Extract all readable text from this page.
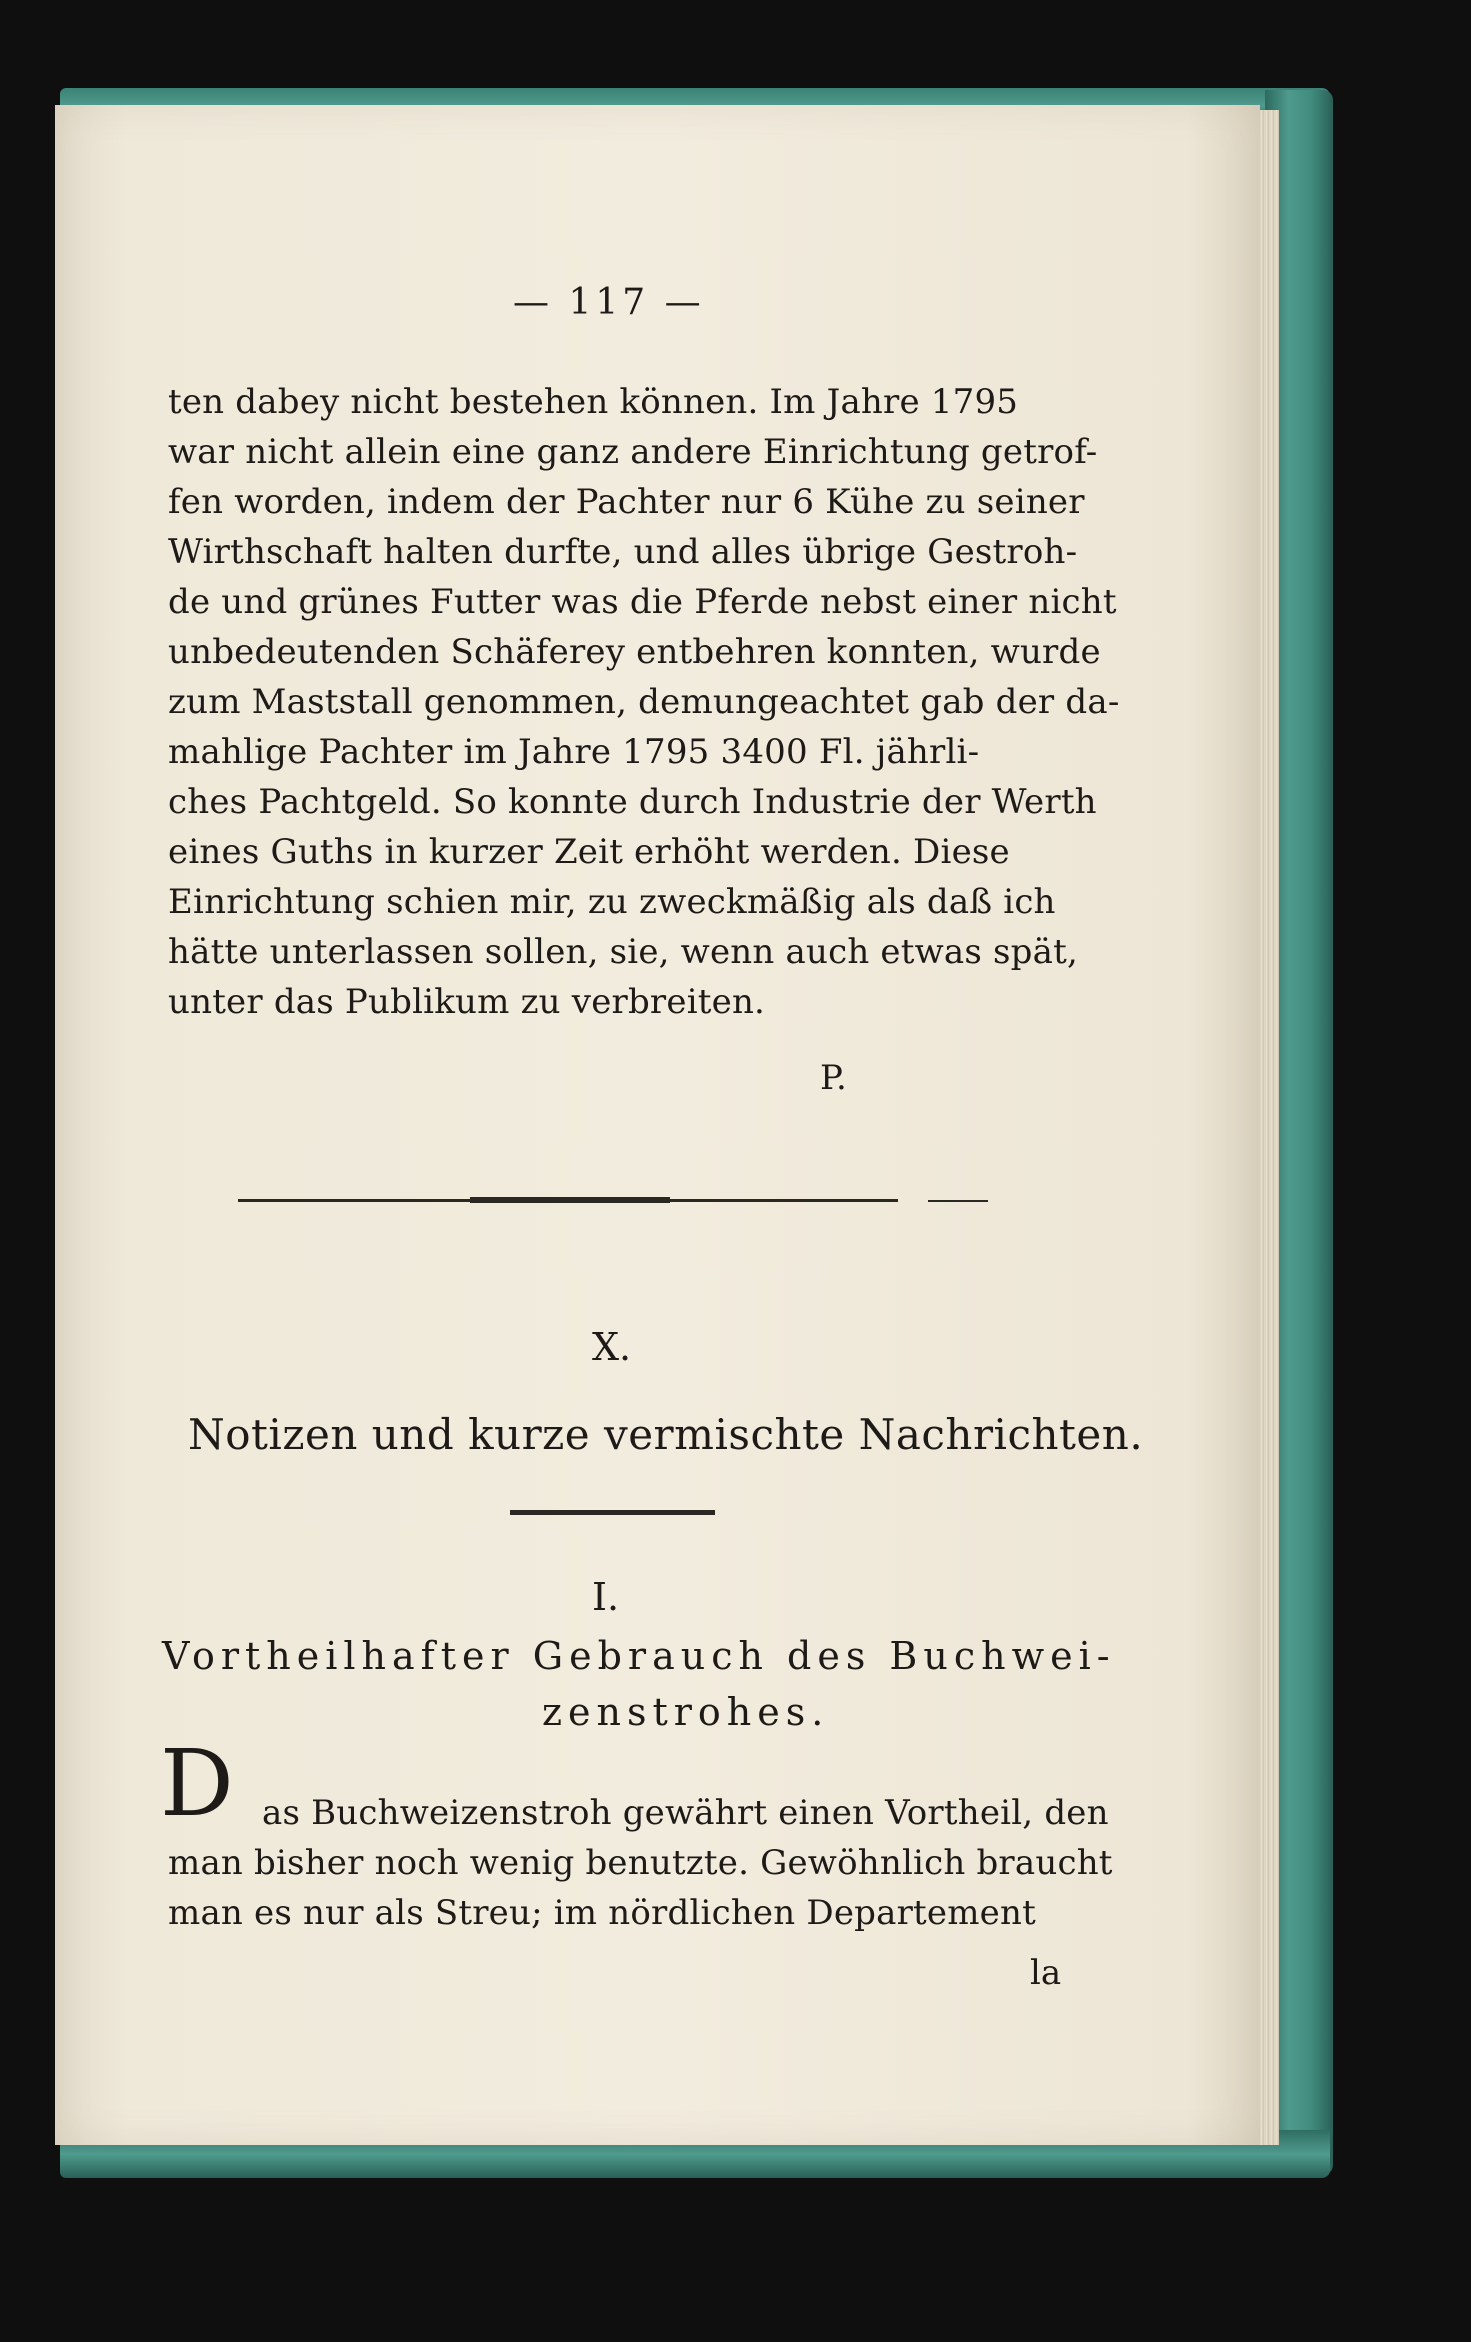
— 117 —
ten dabey nicht bestehen können. Im Jahre 1795
war nicht allein eine ganz andere Einrichtung getrof-
fen worden, indem der Pachter nur 6 Kühe zu seiner
Wirthschaft halten durfte, und alles übrige Gestroh-
de und grünes Futter was die Pferde nebst einer nicht
unbedeutenden Schäferey entbehren konnten, wurde
zum Maststall genommen, demungeachtet gab der da-
mahlige Pachter im Jahre 1795 3400 Fl. jährli-
ches Pachtgeld. So konnte durch Industrie der Werth
eines Guths in kurzer Zeit erhöht werden. Diese
Einrichtung schien mir, zu zweckmäßig als daß ich
hätte unterlassen sollen, sie, wenn auch etwas spät,
unter das Publikum zu verbreiten.
P.
X.
Notizen und kurze vermischte Nachrichten.
I.
Vortheilhafter Gebrauch des Buchwei-
zenstrohes.
D as Buchweizenstroh gewährt einen Vortheil, den
man bisher noch wenig benutzte. Gewöhnlich braucht
man es nur als Streu; im nördlichen Departement
la
